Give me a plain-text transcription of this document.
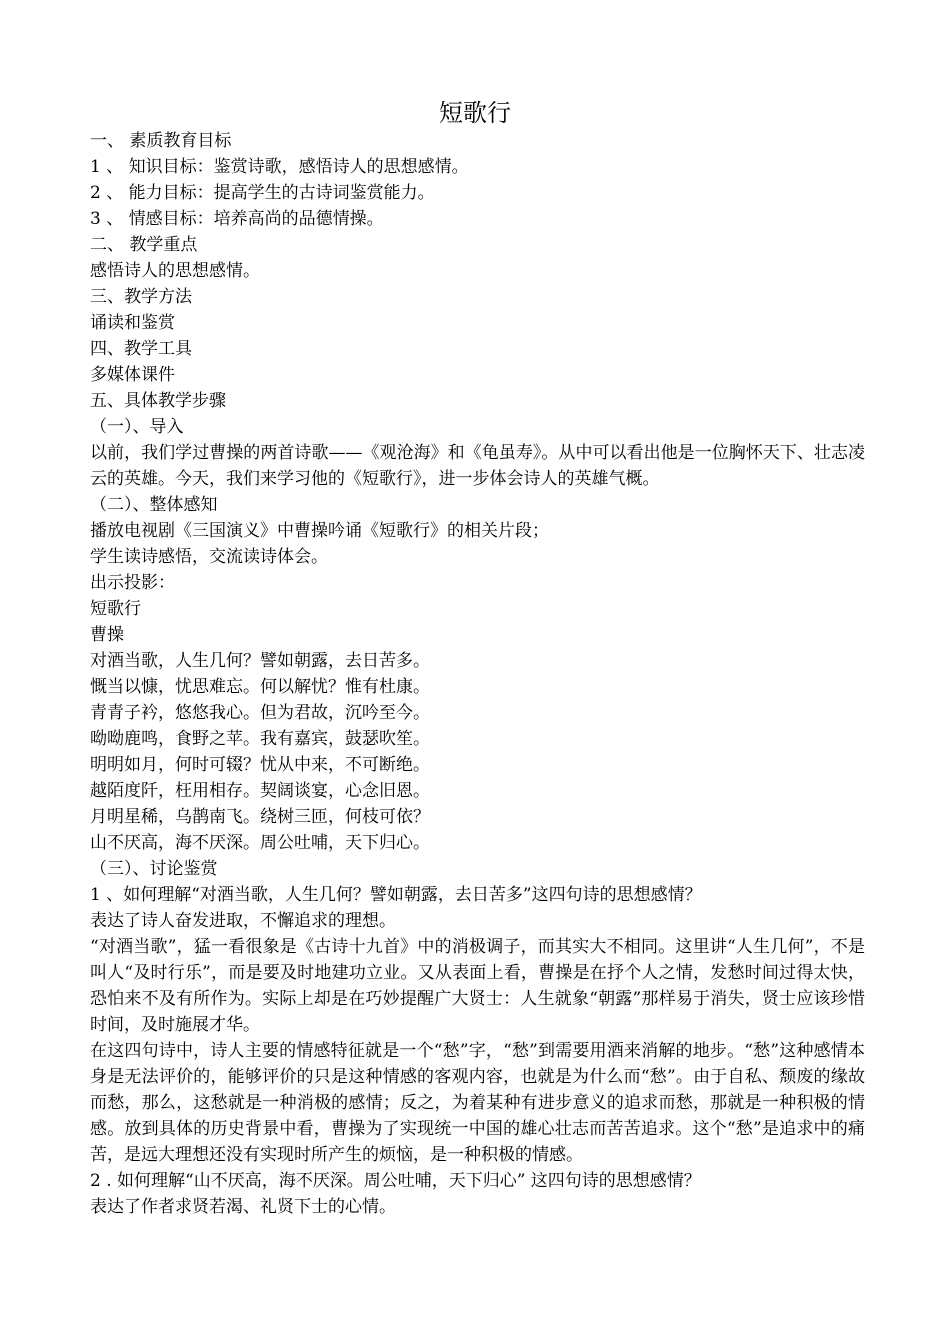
短歌行
一、 素质教育目标
1 、 知识目标：鉴赏诗歌，感悟诗人的思想感情。
2 、 能力目标：提高学生的古诗词鉴赏能力。
3 、 情感目标：培养高尚的品德情操。
二、 教学重点
感悟诗人的思想感情。
三、教学方法
诵读和鉴赏
四、教学工具
多媒体课件
五、具体教学步骤
（一）、导入
以前，我们学过曹操的两首诗歌——《观沧海》和《龟虽寿》。从中可以看出他是一位胸怀天下、壮志凌云的英雄。今天，我们来学习他的《短歌行》，进一步体会诗人的英雄气概。
（二）、整体感知
播放电视剧《三国演义》中曹操吟诵《短歌行》的相关片段；
学生读诗感悟，交流读诗体会。
出示投影：
短歌行
曹操
对酒当歌，人生几何？譬如朝露，去日苦多。
慨当以慷，忧思难忘。何以解忧？惟有杜康。
青青子衿，悠悠我心。但为君故，沉吟至今。
呦呦鹿鸣，食野之苹。我有嘉宾，鼓瑟吹笙。
明明如月，何时可辍？忧从中来，不可断绝。
越陌度阡，枉用相存。契阔谈宴，心念旧恩。
月明星稀，乌鹊南飞。绕树三匝，何枝可依？
山不厌高，海不厌深。周公吐哺，天下归心。
（三）、讨论鉴赏
1 、如何理解“对酒当歌，人生几何？譬如朝露，去日苦多”这四句诗的思想感情？
表达了诗人奋发进取，不懈追求的理想。
“对酒当歌”，猛一看很象是《古诗十九首》中的消极调子，而其实大不相同。这里讲“人生几何”，不是叫人“及时行乐”，而是要及时地建功立业。又从表面上看，曹操是在抒个人之情，发愁时间过得太快，恐怕来不及有所作为。实际上却是在巧妙提醒广大贤士：人生就象“朝露”那样易于消失，贤士应该珍惜时间，及时施展才华。
在这四句诗中，诗人主要的情感特征就是一个“愁”字，“愁”到需要用酒来消解的地步。“愁”这种感情本身是无法评价的，能够评价的只是这种情感的客观内容，也就是为什么而“愁”。由于自私、颓废的缘故而愁，那么，这愁就是一种消极的感情；反之，为着某种有进步意义的追求而愁，那就是一种积极的情感。放到具体的历史背景中看，曹操为了实现统一中国的雄心壮志而苦苦追求。这个“愁”是追求中的痛苦，是远大理想还没有实现时所产生的烦恼，是一种积极的情感。
2 . 如何理解“山不厌高，海不厌深。周公吐哺，天下归心” 这四句诗的思想感情？
表达了作者求贤若渴、礼贤下士的心情。
